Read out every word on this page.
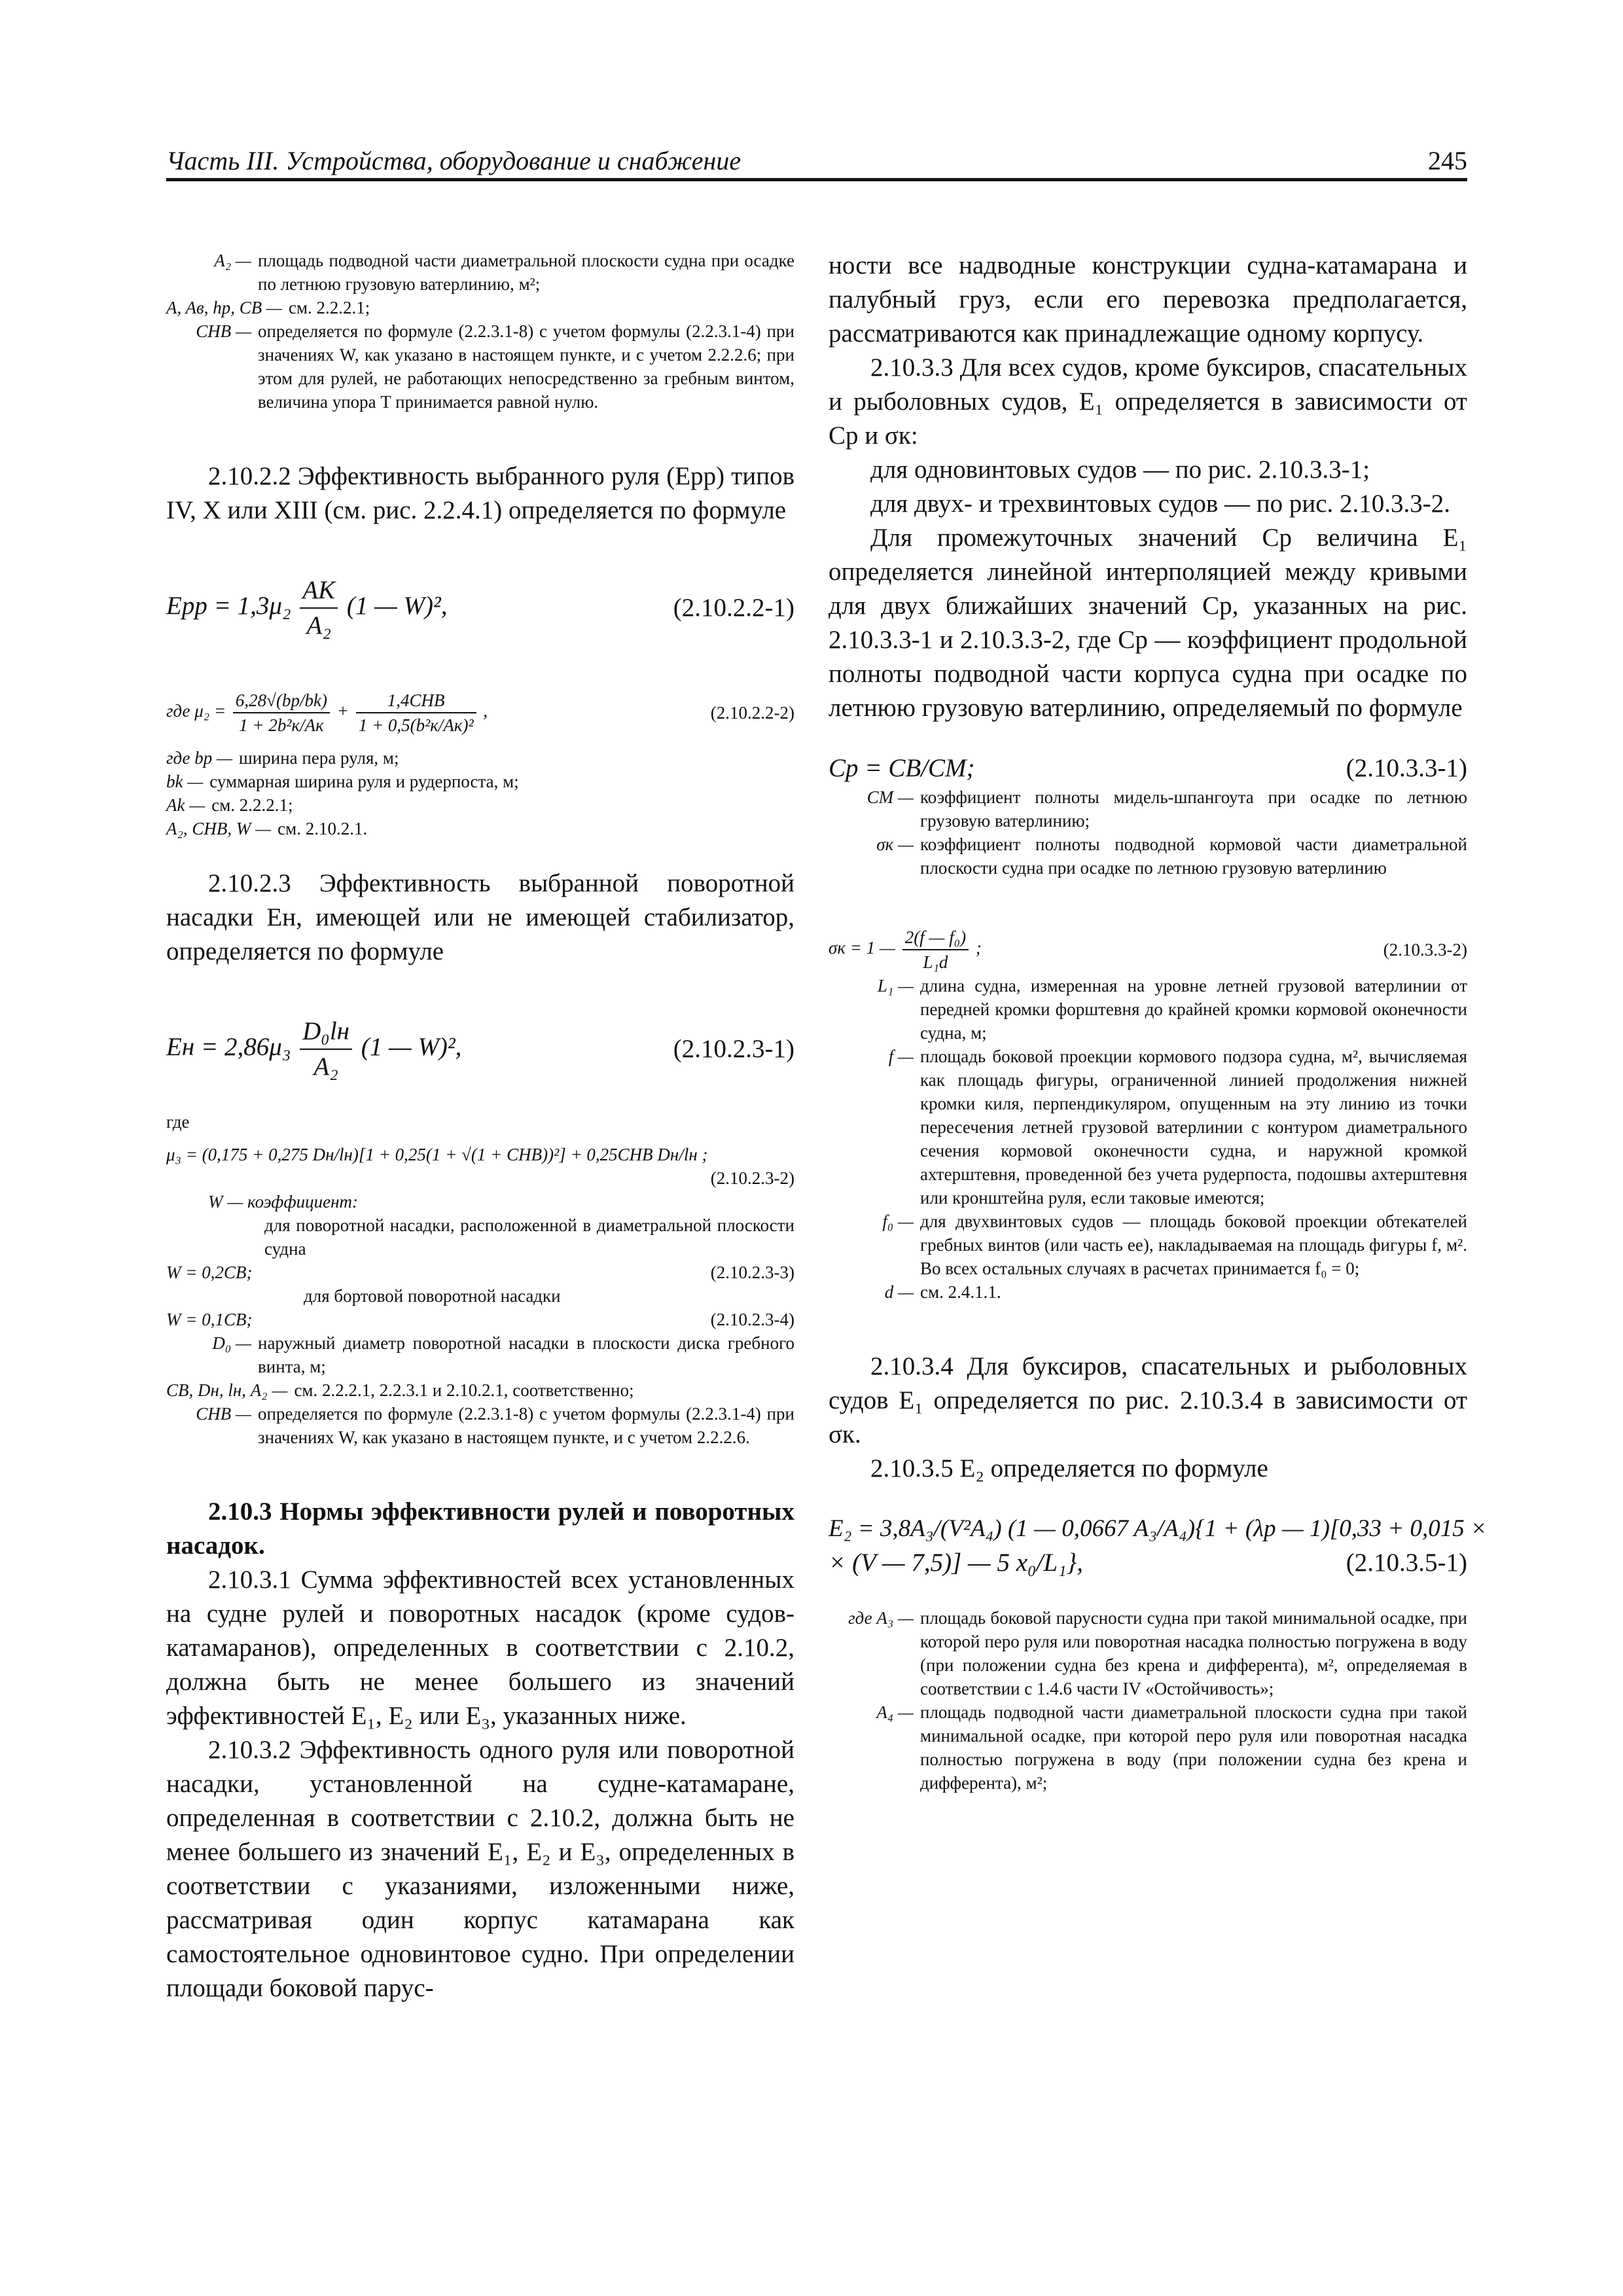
Часть III. Устройства, оборудование и снабжение	245
A₂ — площадь подводной части диаметральной плоскости судна при осадке по летнюю грузовую ватерлинию, м²;
A, Aв, hp, CB — см. 2.2.2.1;
CНВ — определяется по формуле (2.2.3.1-8) с учетом формулы (2.2.3.1-4) при значениях W, как указано в настоящем пункте, и с учетом 2.2.2.6; при этом для рулей, не работающих непосредственно за гребным винтом, величина упора T принимается равной нулю.

2.10.2.2 Эффективность выбранного руля (Epp) типов IV, X или XIII (см. рис. 2.2.4.1) определяется по формуле

Epp = $1,3\mu_2 \frac{AK}{\text{A₂}} (1$ — W)²,	(2.10.2.2-1)
где $\mu_2 = \frac{6,28√(bp/bk)}{\text{1 + 2b²к/Aк}} + \frac{\text{1,4CНВ}}{\text{1 + 0,5(b²к/Aк)²}}$ ,	(2.10.2.2-2)
где bp — ширина пера руля, м;
bk — суммарная ширина руля и рудерпоста, м;
Ak — см. 2.2.2.1;
A₂, CНВ, W — см. 2.10.2.1.

2.10.2.3 Эффективность выбранной поворотной насадки Eн, имеющей или не имеющей стабилизатор, определяется по формуле

Eн = $2,86\mu_3 \frac{\text{D₀lн}}{\text{A₂}} (1$ — W)²,	(2.10.2.3-1)
где
μ₃ = (0,175 + 0,275 Dн/lн)[1 + 0,25(1 + √(1 + CНВ))²] + 0,25CНВ Dн/lн ;
(2.10.2.3-2)
W — коэффициент:
для поворотной насадки, расположенной в диаметральной плоскости судна
W = 0,2CB;	(2.10.2.3-3)
для бортовой поворотной насадки
W = 0,1CB;	(2.10.2.3-4)
D₀ — наружный диаметр поворотной насадки в плоскости диска гребного винта, м;
CB, Dн, lн, A₂ — см. 2.2.2.1, 2.2.3.1 и 2.10.2.1, соответственно;
CНВ — определяется по формуле (2.2.3.1-8) с учетом формулы (2.2.3.1-4) при значениях W, как указано в настоящем пункте, и с учетом 2.2.2.6.

2.10.3 Нормы эффективности рулей и поворотных насадок.

2.10.3.1 Сумма эффективностей всех установленных на судне рулей и поворотных насадок (кроме судов-катамаранов), определенных в соответствии с 2.10.2, должна быть не менее большего из значений эффективностей E₁, E₂ или E₃, указанных ниже.

2.10.3.2 Эффективность одного руля или поворотной насадки, установленной на судне-катамаране, определенная в соответствии с 2.10.2, должна быть не менее большего из значений E₁, E₂ и E₃, определенных в соответствии с указаниями, изложенными ниже, рассматривая один корпус катамарана как самостоятельное одновинтовое судно. При определении площади боковой парус-

ности все надводные конструкции судна-катамарана и палубный груз, если его перевозка предполагается, рассматриваются как принадлежащие одному корпусу.

2.10.3.3 Для всех судов, кроме буксиров, спасательных и рыболовных судов, E₁ определяется в зависимости от Cp и σк:

для одновинтовых судов — по рис. 2.10.3.3-1;

для двух- и трехвинтовых судов — по рис. 2.10.3.3-2.

Для промежуточных значений Cp величина E₁ определяется линейной интерполяцией между кривыми для двух ближайших значений Cp, указанных на рис. 2.10.3.3-1 и 2.10.3.3-2, где Cp — коэффициент продольной полноты подводной части корпуса судна при осадке по летнюю грузовую ватерлинию, определяемый по формуле

Cp = CB/CM;	(2.10.3.3-1)
CM — коэффициент полноты мидель-шпангоута при осадке по летнюю грузовую ватерлинию;
σк — коэффициент полноты подводной кормовой части диаметральной плоскости судна при осадке по летнюю грузовую ватерлинию
σк = 1 — $\frac{\text{2(f — f₀)}}{\text{L₁d}}$ ;	(2.10.3.3-2)
L₁ — длина судна, измеренная на уровне летней грузовой ватерлинии от передней кромки форштевня до крайней кромки кормовой оконечности судна, м;
f — площадь боковой проекции кормового подзора судна, м², вычисляемая как площадь фигуры, ограниченной линией продолжения нижней кромки киля, перпендикуляром, опущенным на эту линию из точки пересечения летней грузовой ватерлинии с контуром диаметрального сечения кормовой оконечности судна, и наружной кромкой ахтерштевня, проведенной без учета рудерпоста, подошвы ахтерштевня или кронштейна руля, если таковые имеются;
f₀ — для двухвинтовых судов — площадь боковой проекции обтекателей гребных винтов (или часть ее), накладываемая на площадь фигуры f, м². Во всех остальных случаях в расчетах принимается f₀ = 0;
d — см. 2.4.1.1.

2.10.3.4 Для буксиров, спасательных и рыболовных судов E₁ определяется по рис. 2.10.3.4 в зависимости от σк.

2.10.3.5 E₂ определяется по формуле

E₂ = 3,8A₃/(V²A₄) (1 — 0,0667 A₃/A₄){1 + (λp — 1)[0,33 + 0,015 ×
× (V — 7,5)] — 5 x₀/L₁},	(2.10.3.5-1)
где A₃ — площадь боковой парусности судна при такой минимальной осадке, при которой перо руля или поворотная насадка полностью погружена в воду (при положении судна без крена и дифферента), м², определяемая в соответствии с 1.4.6 части IV «Остойчивость»;
A₄ — площадь подводной части диаметральной плоскости судна при такой минимальной осадке, при которой перо руля или поворотная насадка полностью погружена в воду (при положении судна без крена и дифферента), м²;
